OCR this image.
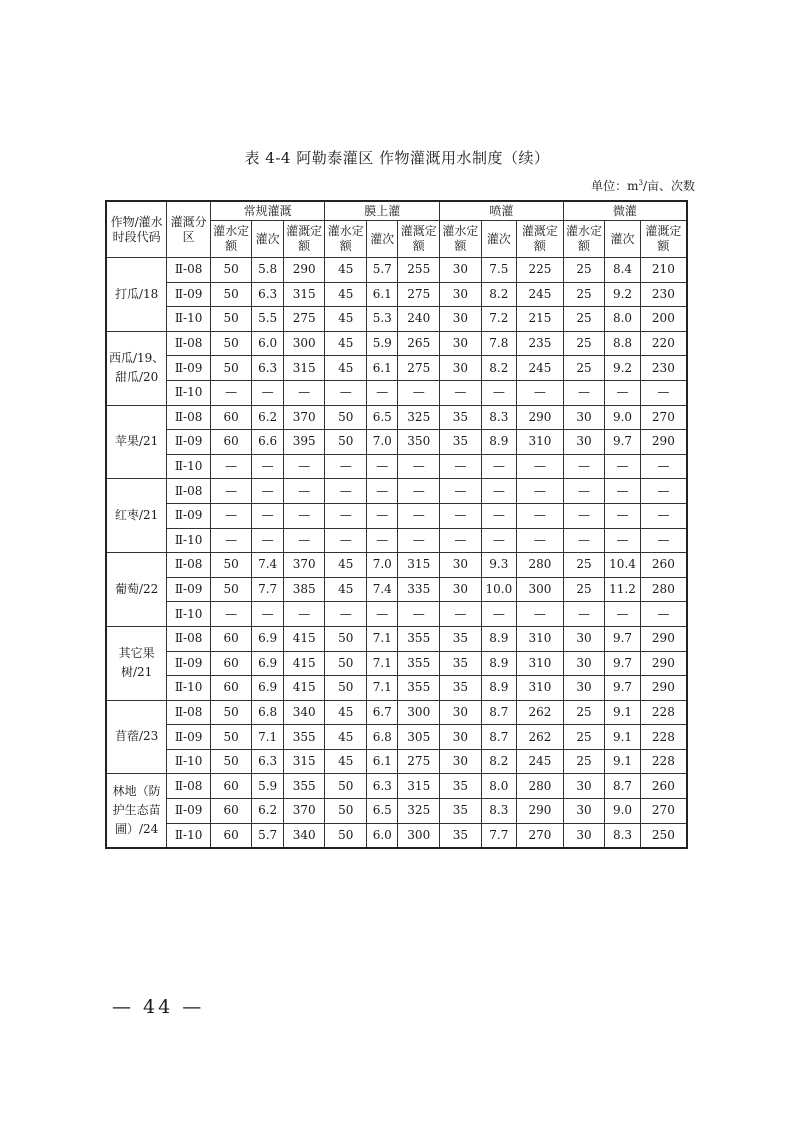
表 4-4 阿勒泰灌区 作物灌溉用水制度（续）
单位：$m^3/$亩、次数
作物/灌水时段代码	灌溉分区	常规灌溉			膜上灌			喷灌			微灌		
		灌水定额	灌次	灌溉定额	灌水定额	灌次	灌溉定额	灌水定额	灌次	灌溉定额	灌水定额	灌次	灌溉定额
打瓜/18	Ⅱ-08	50	5.8	290	45	5.7	255	30	7.5	225	25	8.4	210
	Ⅱ-09	50	6.3	315	45	6.1	275	30	8.2	245	25	9.2	230
	Ⅱ-10	50	5.5	275	45	5.3	240	30	7.2	215	25	8.0	200
西瓜/19、甜瓜/20	Ⅱ-08	50	6.0	300	45	5.9	265	30	7.8	235	25	8.8	220
	Ⅱ-09	50	6.3	315	45	6.1	275	30	8.2	245	25	9.2	230
	Ⅱ-10	—	—	—	—	—	—	—	—	—	—	—	—
苹果/21	Ⅱ-08	60	6.2	370	50	6.5	325	35	8.3	290	30	9.0	270
	Ⅱ-09	60	6.6	395	50	7.0	350	35	8.9	310	30	9.7	290
	Ⅱ-10	—	—	—	—	—	—	—	—	—	—	—	—
红枣/21	Ⅱ-08	—	—	—	—	—	—	—	—	—	—	—	—
	Ⅱ-09	—	—	—	—	—	—	—	—	—	—	—	—
	Ⅱ-10	—	—	—	—	—	—	—	—	—	—	—	—
葡萄/22	Ⅱ-08	50	7.4	370	45	7.0	315	30	9.3	280	25	10.4	260
	Ⅱ-09	50	7.7	385	45	7.4	335	30	10.0	300	25	11.2	280
	Ⅱ-10	—	—	—	—	—	—	—	—	—	—	—	—
其它果树/21	Ⅱ-08	60	6.9	415	50	7.1	355	35	8.9	310	30	9.7	290
	Ⅱ-09	60	6.9	415	50	7.1	355	35	8.9	310	30	9.7	290
	Ⅱ-10	60	6.9	415	50	7.1	355	35	8.9	310	30	9.7	290
苜蓿/23	Ⅱ-08	50	6.8	340	45	6.7	300	30	8.7	262	25	9.1	228
	Ⅱ-09	50	7.1	355	45	6.8	305	30	8.7	262	25	9.1	228
	Ⅱ-10	50	6.3	315	45	6.1	275	30	8.2	245	25	9.1	228
林地（防护生态苗圃）/24	Ⅱ-08	60	5.9	355	50	6.3	315	35	8.0	280	30	8.7	260
	Ⅱ-09	60	6.2	370	50	6.5	325	35	8.3	290	30	9.0	270
	Ⅱ-10	60	5.7	340	50	6.0	300	35	7.7	270	30	8.3	250
— 44 —
